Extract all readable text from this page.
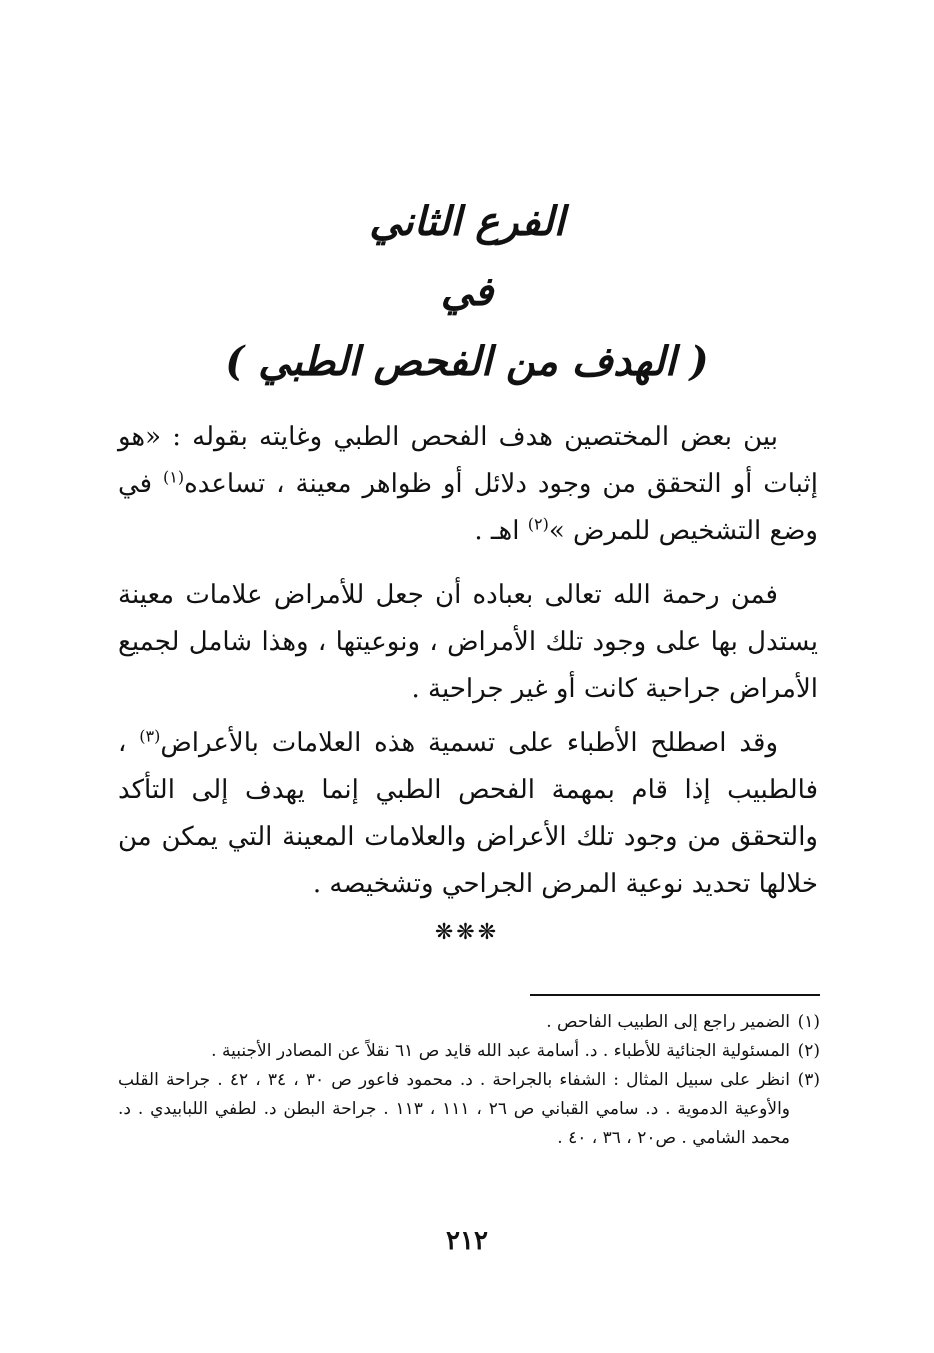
الفرع الثاني
في
( الهدف من الفحص الطبي )

بين بعض المختصين هدف الفحص الطبي وغايته بقوله : «هو إثبات أو التحقق من وجود دلائل أو ظواهر معينة ، تساعده$^{(١)}$ في وضع التشخيص للمرض »$^{(٢)}$ اهـ .

فمن رحمة الله تعالى بعباده أن جعل للأمراض علامات معينة يستدل بها على وجود تلك الأمراض ، ونوعيتها ، وهذا شامل لجميع الأمراض جراحية كانت أو غير جراحية .

وقد اصطلح الأطباء على تسمية هذه العلامات بالأعراض$^{(٣)}$ ، فالطبيب إذا قام بمهمة الفحص الطبي إنما يهدف إلى التأكد والتحقق من وجود تلك الأعراض والعلامات المعينة التي يمكن من خلالها تحديد نوعية المرض الجراحي وتشخيصه .

❋❋❋

(١)
الضمير راجع إلى الطبيب الفاحص .

(٢)
المسئولية الجنائية للأطباء . د. أسامة عبد الله قايد ص ٦١ نقلاً عن المصادر الأجنبية .

(٣)
انظر على سبيل المثال : الشفاء بالجراحة . د. محمود فاعور ص ٣٠ ، ٣٤ ، ٤٢ . جراحة القلب والأوعية الدموية . د. سامي القباني ص ٢٦ ، ١١١ ، ١١٣ . جراحة البطن د. لطفي اللبابيدي . د. محمد الشامي . ص٢٠ ، ٣٦ ، ٤٠ .

٢١٢
